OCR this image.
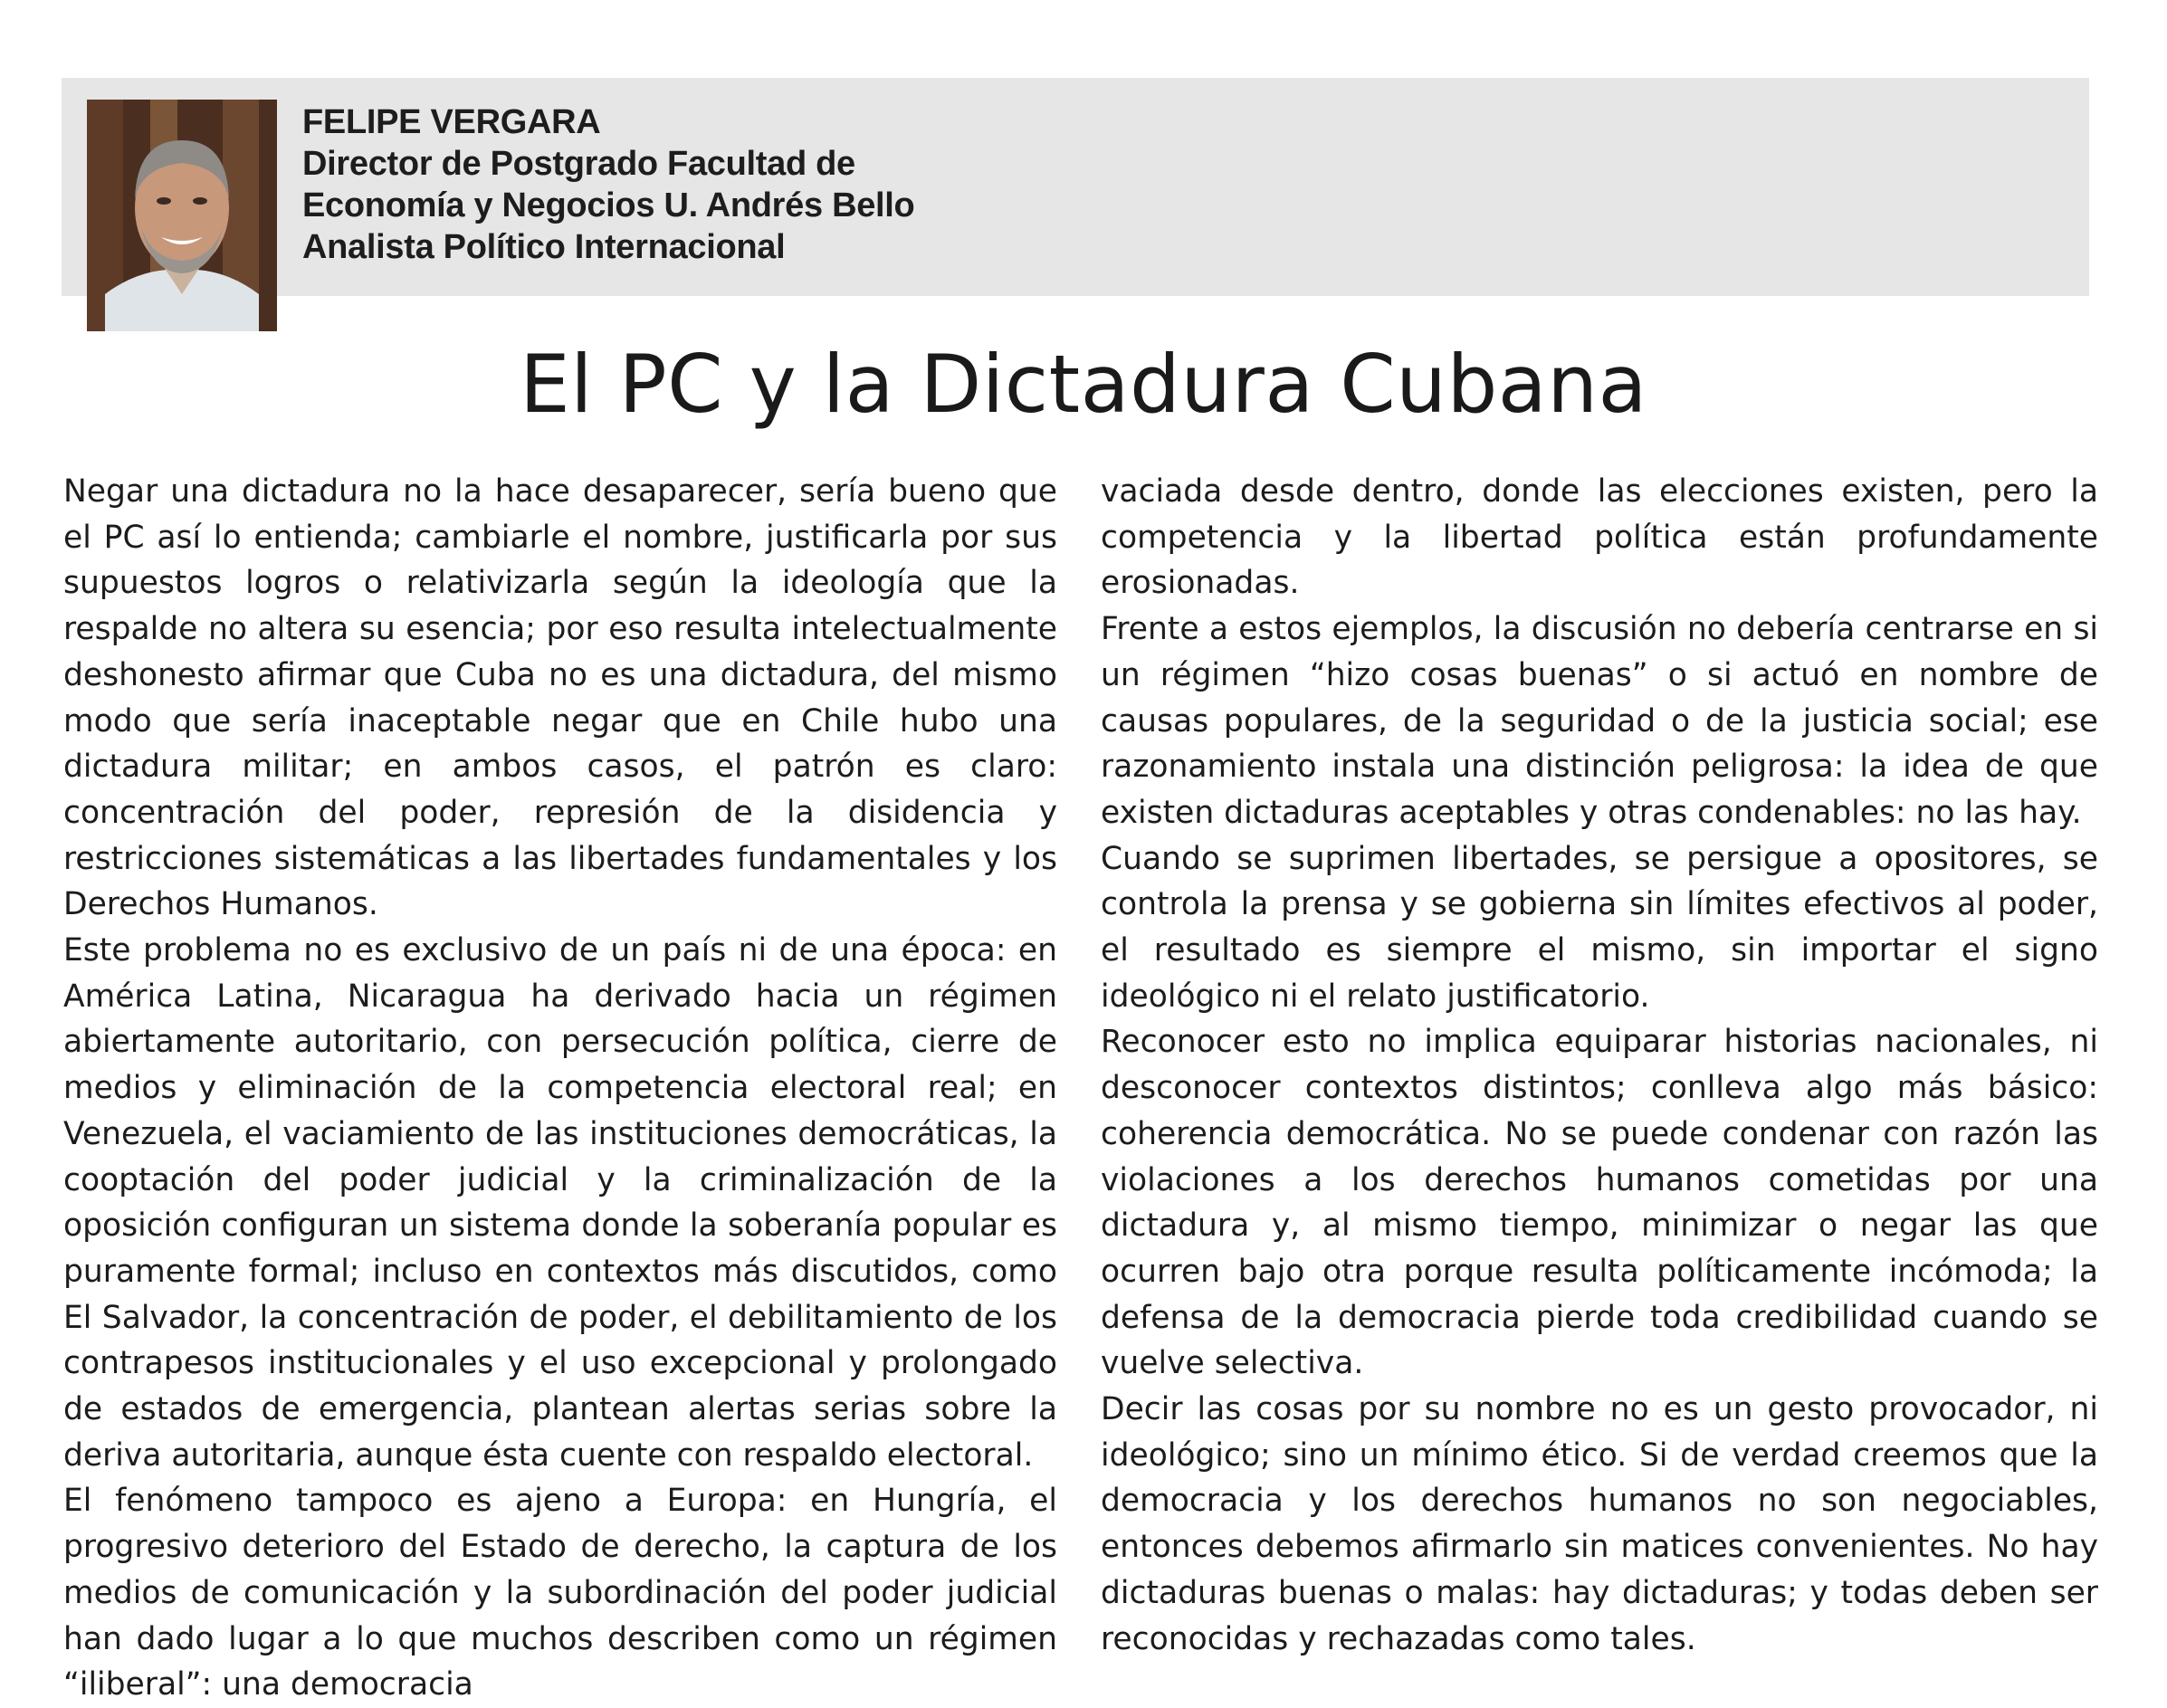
FELIPE VERGARA
Director de Postgrado Facultad de
Economía y Negocios U. Andrés Bello
Analista Político Internacional
El PC y la Dictadura Cubana

Negar una dictadura no la hace desaparecer, sería bueno que el PC así lo entienda; cambiarle el nombre, justificarla por sus supuestos logros o relativizarla según la ideología que la respalde no altera su esencia; por eso resulta intelectualmente deshonesto afirmar que Cuba no es una dictadura, del mismo modo que sería inaceptable negar que en Chile hubo una dictadura militar; en ambos casos, el patrón es claro: concentración del poder, represión de la disidencia y restricciones sistemáticas a las libertades fundamentales y los Derechos Humanos.

Este problema no es exclusivo de un país ni de una época: en América Latina, Nicaragua ha derivado hacia un régimen abiertamente autoritario, con persecución política, cierre de medios y eliminación de la competencia electoral real; en Venezuela, el vaciamiento de las instituciones democráticas, la cooptación del poder judicial y la criminalización de la oposición configuran un sistema donde la soberanía popular es puramente formal; incluso en contextos más discutidos, como El Salvador, la concentración de poder, el debilitamiento de los contrapesos institucionales y el uso excepcional y prolongado de estados de emergencia, plantean alertas serias sobre la deriva autoritaria, aunque ésta cuente con respaldo electoral.

El fenómeno tampoco es ajeno a Europa: en Hungría, el progresivo deterioro del Estado de derecho, la captura de los medios de comunicación y la subordinación del poder judicial han dado lugar a lo que muchos describen como un régimen “iliberal”: una democracia

vaciada desde dentro, donde las elecciones existen, pero la competencia y la libertad política están profundamente erosionadas.

Frente a estos ejemplos, la discusión no debería centrarse en si un régimen “hizo cosas buenas” o si actuó en nombre de causas populares, de la seguridad o de la justicia social; ese razonamiento instala una distinción peligrosa: la idea de que existen dictaduras aceptables y otras condenables: no las hay.

Cuando se suprimen libertades, se persigue a opositores, se controla la prensa y se gobierna sin límites efectivos al poder, el resultado es siempre el mismo, sin importar el signo ideológico ni el relato justificatorio.

Reconocer esto no implica equiparar historias nacionales, ni desconocer contextos distintos; conlleva algo más básico: coherencia democrática. No se puede condenar con razón las violaciones a los derechos humanos cometidas por una dictadura y, al mismo tiempo, minimizar o negar las que ocurren bajo otra porque resulta políticamente incómoda; la defensa de la democracia pierde toda credibilidad cuando se vuelve selectiva.

Decir las cosas por su nombre no es un gesto provocador, ni ideológico; sino un mínimo ético. Si de verdad creemos que la democracia y los derechos humanos no son negociables, entonces debemos afirmarlo sin matices convenientes. No hay dictaduras buenas o malas: hay dictaduras; y todas deben ser reconocidas y rechazadas como tales.
